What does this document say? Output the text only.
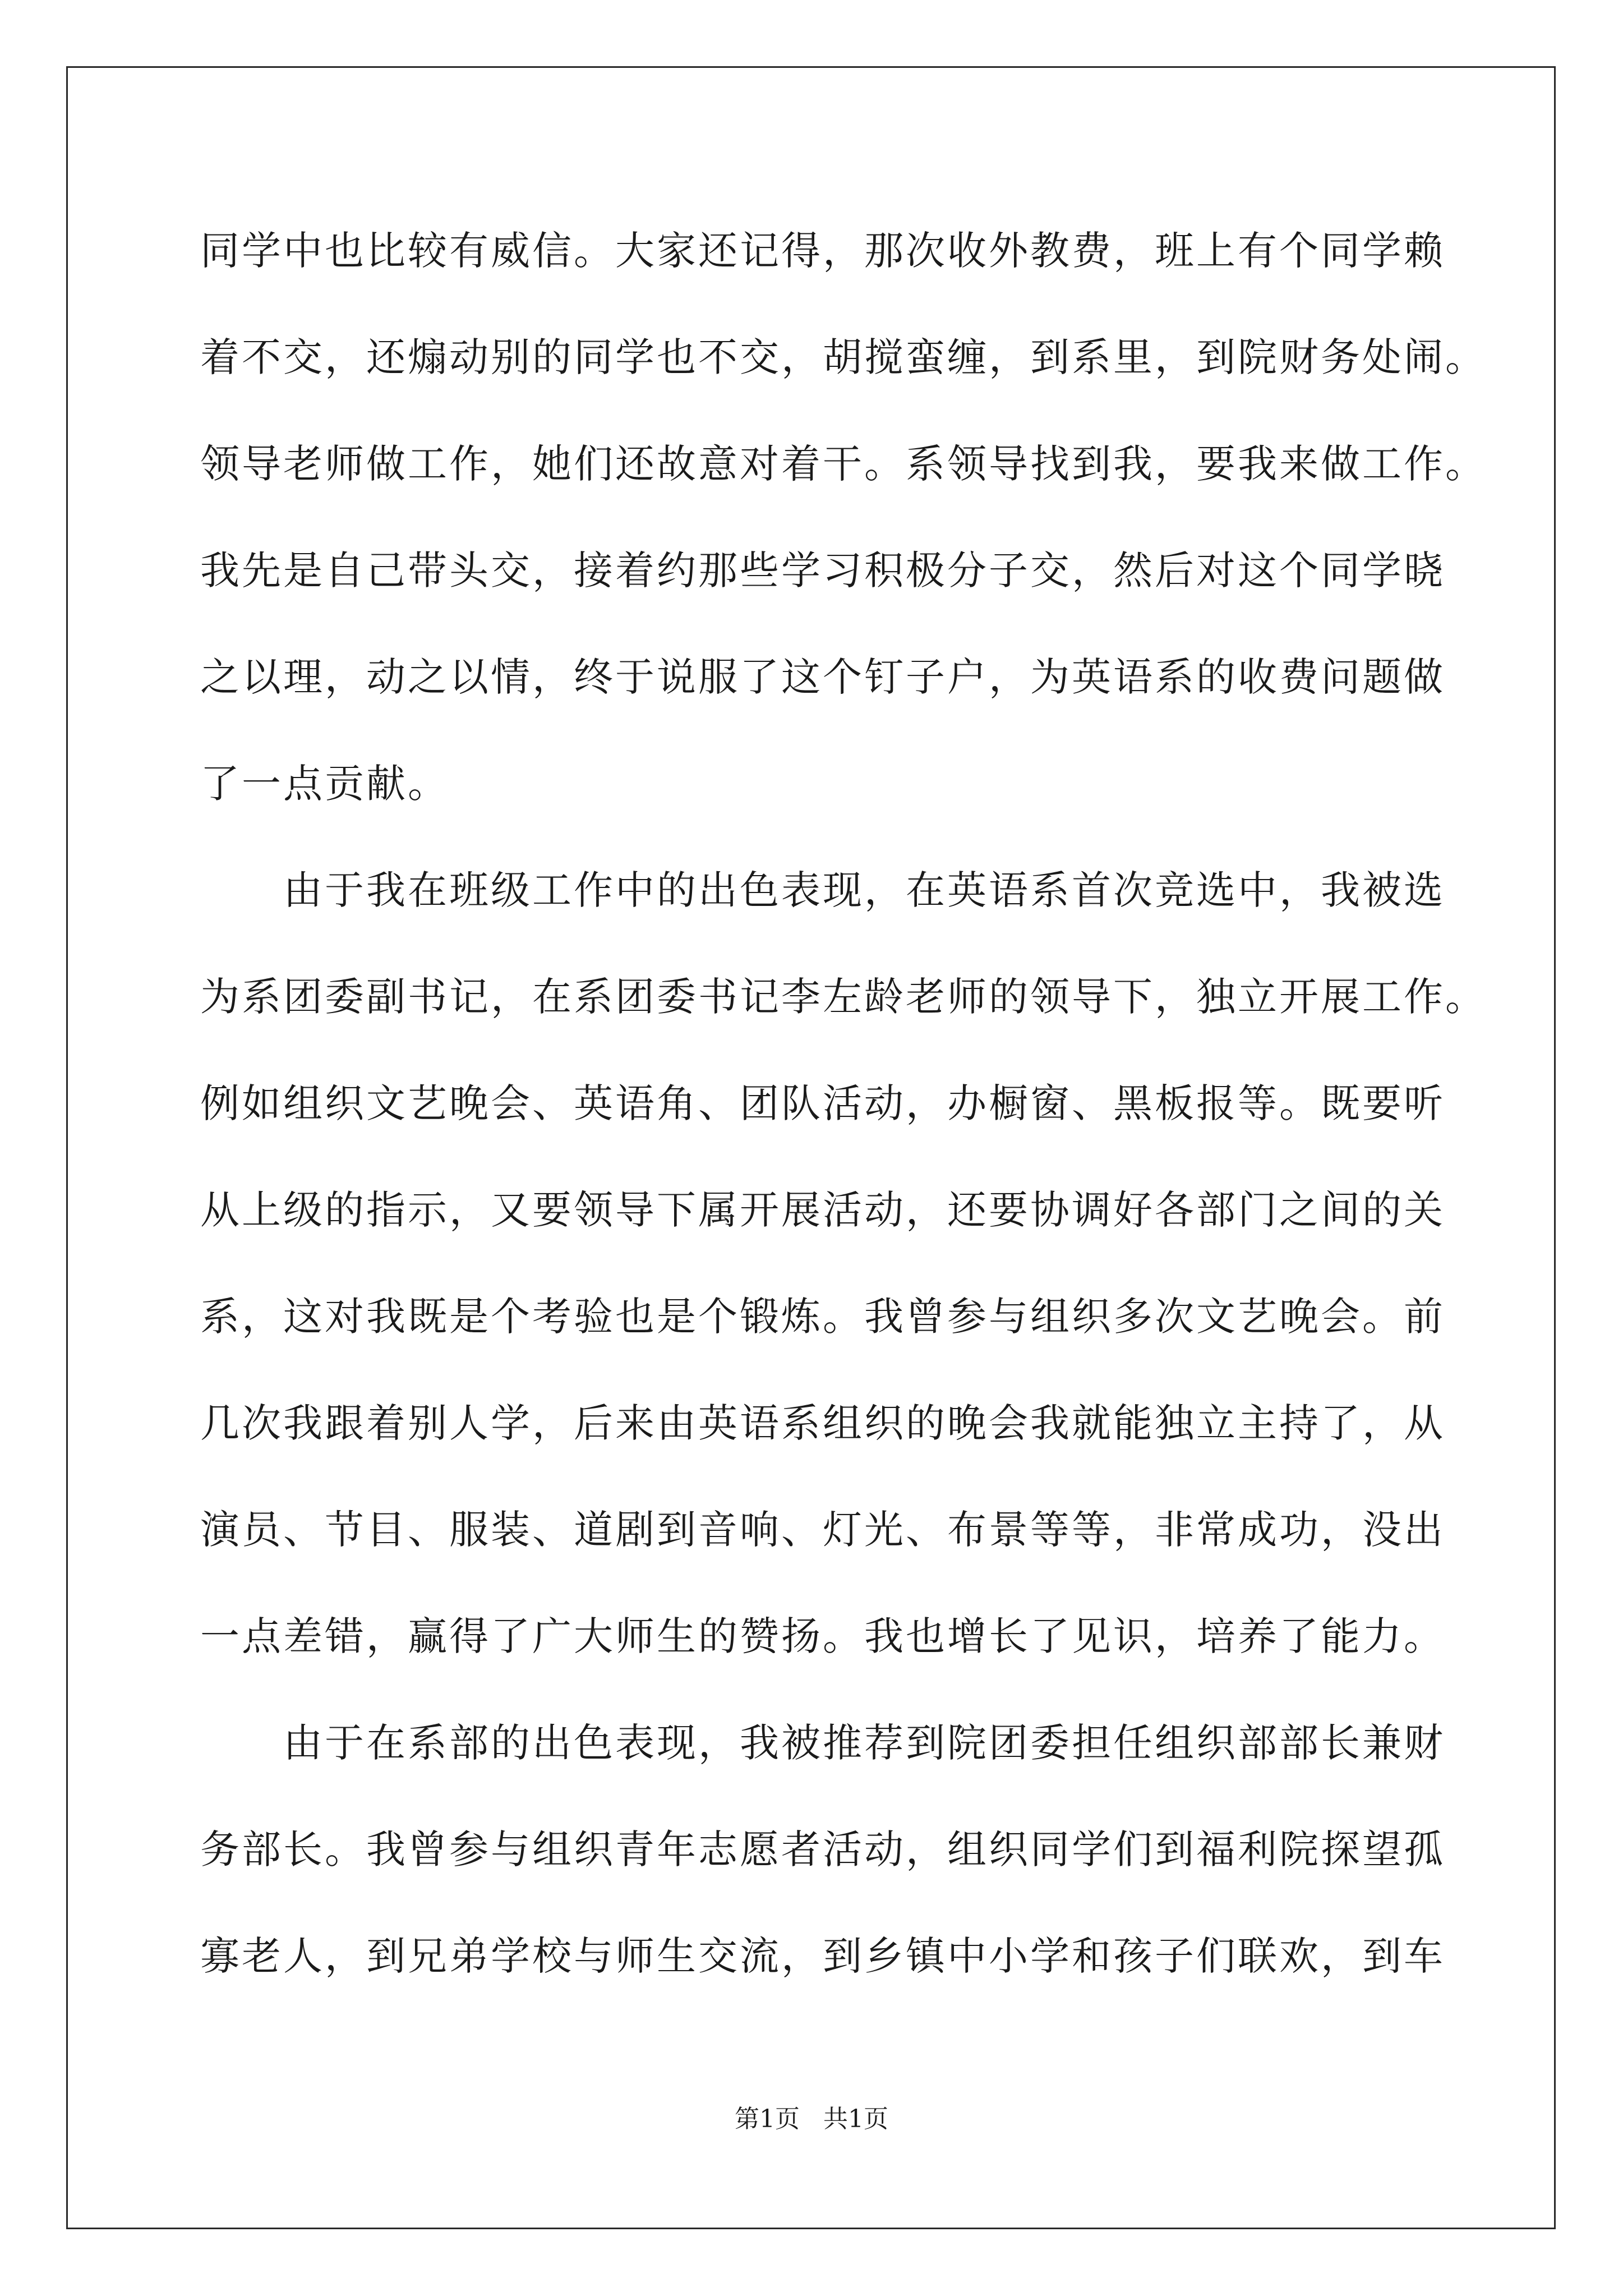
同学中也比较有威信。大家还记得，那次收外教费，班上有个同学赖
着不交，还煽动别的同学也不交，胡搅蛮缠，到系里，到院财务处闹。
领导老师做工作，她们还故意对着干。系领导找到我，要我来做工作。
我先是自己带头交，接着约那些学习积极分子交，然后对这个同学晓
之以理，动之以情，终于说服了这个钉子户，为英语系的收费问题做
了一点贡献。
由于我在班级工作中的出色表现，在英语系首次竞选中，我被选
为系团委副书记，在系团委书记李左龄老师的领导下，独立开展工作。
例如组织文艺晚会、英语角、团队活动，办橱窗、黑板报等。既要听
从上级的指示，又要领导下属开展活动，还要协调好各部门之间的关
系，这对我既是个考验也是个锻炼。我曾参与组织多次文艺晚会。前
几次我跟着别人学，后来由英语系组织的晚会我就能独立主持了，从
演员、节目、服装、道剧到音响、灯光、布景等等，非常成功，没出
一点差错，赢得了广大师生的赞扬。我也增长了见识，培养了能力。
由于在系部的出色表现，我被推荐到院团委担任组织部部长兼财
务部长。我曾参与组织青年志愿者活动，组织同学们到福利院探望孤
寡老人，到兄弟学校与师生交流，到乡镇中小学和孩子们联欢，到车
第1页 共1页
